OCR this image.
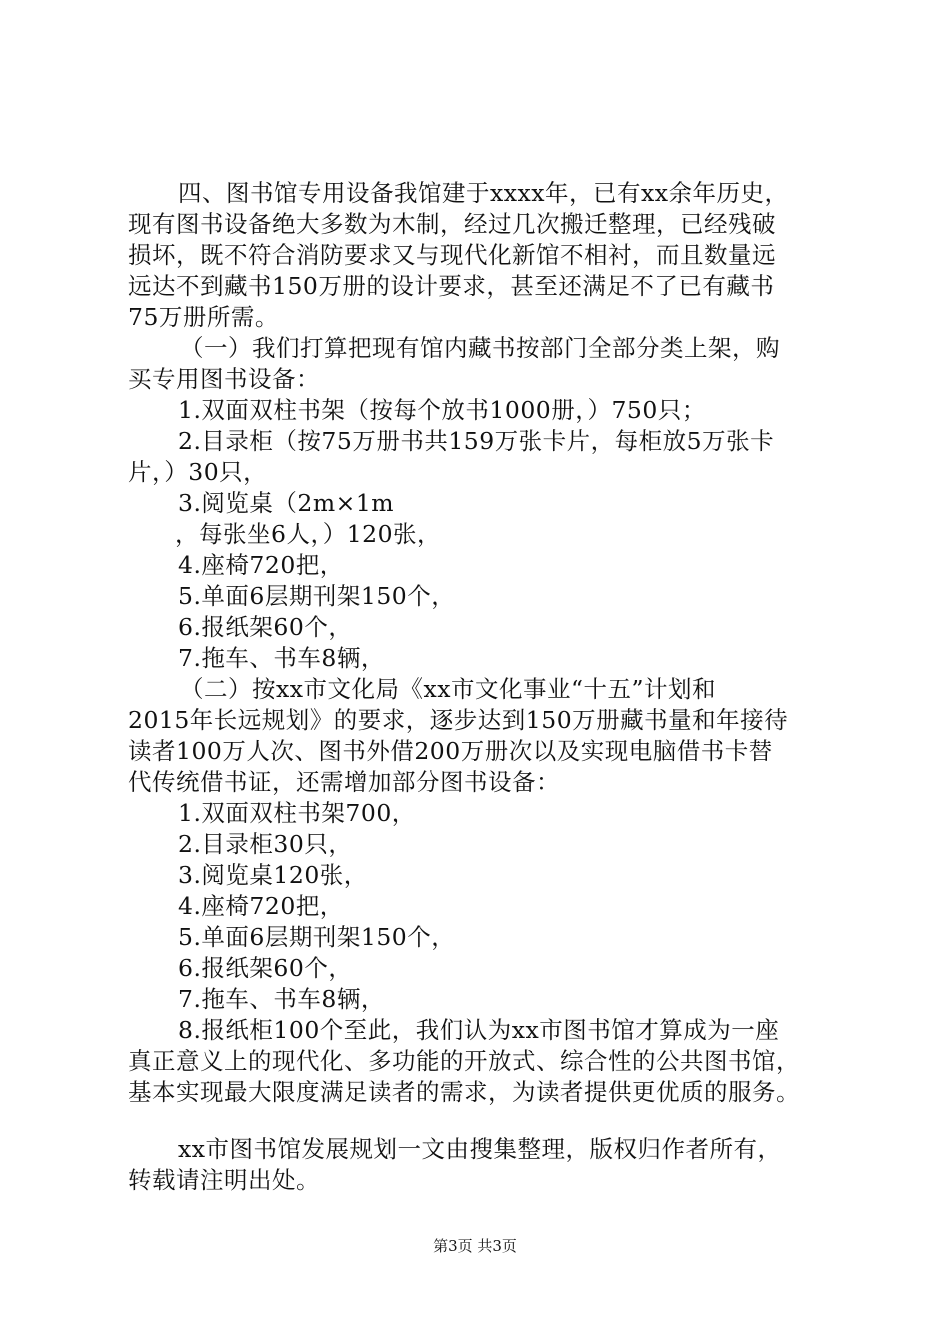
四、图书馆专用设备我馆建于xxxx年，已有xx余年历史，
现有图书设备绝大多数为木制，经过几次搬迁整理，已经残破
损坏，既不符合消防要求又与现代化新馆不相衬，而且数量远
远达不到藏书150万册的设计要求，甚至还满足不了已有藏书
75万册所需。
（一）我们打算把现有馆内藏书按部门全部分类上架，购
买专用图书设备：
1.双面双柱书架（按每个放书1000册，）750只；
2.目录柜（按75万册书共159万张卡片，每柜放5万张卡
片，）30只，
3.阅览桌（2m×1m
，每张坐6人，）120张，
4.座椅720把，
5.单面6层期刊架150个，
6.报纸架60个，
7.拖车、书车8辆，
（二）按xx市文化局《xx市文化事业“十五”计划和
2015年长远规划》的要求，逐步达到150万册藏书量和年接待
读者100万人次、图书外借200万册次以及实现电脑借书卡替
代传统借书证，还需增加部分图书设备：
1.双面双柱书架700，
2.目录柜30只，
3.阅览桌120张，
4.座椅720把，
5.单面6层期刊架150个，
6.报纸架60个，
7.拖车、书车8辆，
8.报纸柜100个至此，我们认为xx市图书馆才算成为一座
真正意义上的现代化、多功能的开放式、综合性的公共图书馆，
基本实现最大限度满足读者的需求，为读者提供更优质的服务。
xx市图书馆发展规划一文由搜集整理，版权归作者所有，
转载请注明出处。
第3页 共3页
